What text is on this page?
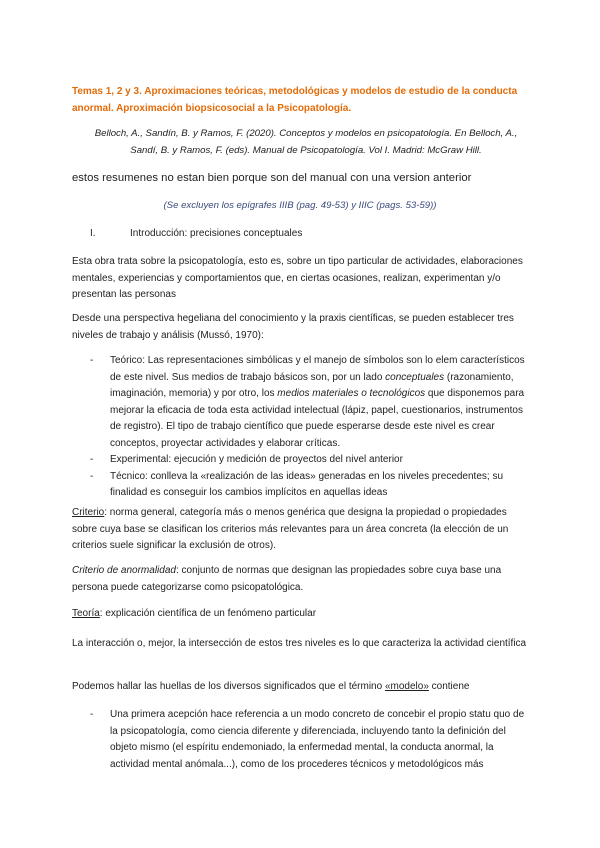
Temas 1, 2 y 3. Aproximaciones teóricas, metodológicas y modelos de estudio de la conducta anormal. Aproximación biopsicosocial a la Psicopatología.
Belloch, A., Sandín, B. y Ramos, F. (2020). Conceptos y modelos en psicopatología. En Belloch, A., Sandí, B. y Ramos, F. (eds). Manual de Psicopatología. Vol I. Madrid: McGraw Hill.
estos resumenes no estan bien porque son del manual con una version anterior
(Se excluyen los epígrafes IIIB (pag. 49-53) y IIIC (pags. 53-59))
I.	Introducción: precisiones conceptuales
Esta obra trata sobre la psicopatología, esto es, sobre un tipo particular de actividades, elaboraciones mentales, experiencias y comportamientos que, en ciertas ocasiones, realizan, experimentan y/o presentan las personas
Desde una perspectiva hegeliana del conocimiento y la praxis científicas, se pueden establecer tres niveles de trabajo y análisis (Mussó, 1970):
- Teórico: Las representaciones simbólicas y el manejo de símbolos son lo elem característicos de este nivel. Sus medios de trabajo básicos son, por un lado conceptuales (razonamiento, imaginación, memoria) y por otro, los medios materiales o tecnológicos que disponemos para mejorar la eficacia de toda esta actividad intelectual (lápiz, papel, cuestionarios, instrumentos de registro). El tipo de trabajo científico que puede esperarse desde este nivel es crear conceptos, proyectar actividades y elaborar críticas.
- Experimental: ejecución y medición de proyectos del nivel anterior
- Técnico: conlleva la «realización de las ideas» generadas en los niveles precedentes; su finalidad es conseguir los cambios implícitos en aquellas ideas
Criterio: norma general, categoría más o menos genérica que designa la propiedad o propiedades sobre cuya base se clasifican los criterios más relevantes para un área concreta (la elección de un criterios suele significar la exclusión de otros).
Criterio de anormalidad: conjunto de normas que designan las propiedades sobre cuya base una persona puede categorizarse como psicopatológica.
Teoría: explicación científica de un fenómeno particular
La interacción o, mejor, la intersección de estos tres niveles es lo que caracteriza la actividad científica
Podemos hallar las huellas de los diversos significados que el término «modelo» contiene
- Una primera acepción hace referencia a un modo concreto de concebir el propio statu quo de la psicopatología, como ciencia diferente y diferenciada, incluyendo tanto la definición del objeto mismo (el espíritu endemoniado, la enfermedad mental, la conducta anormal, la actividad mental anómala...), como de los procederes técnicos y metodológicos más
